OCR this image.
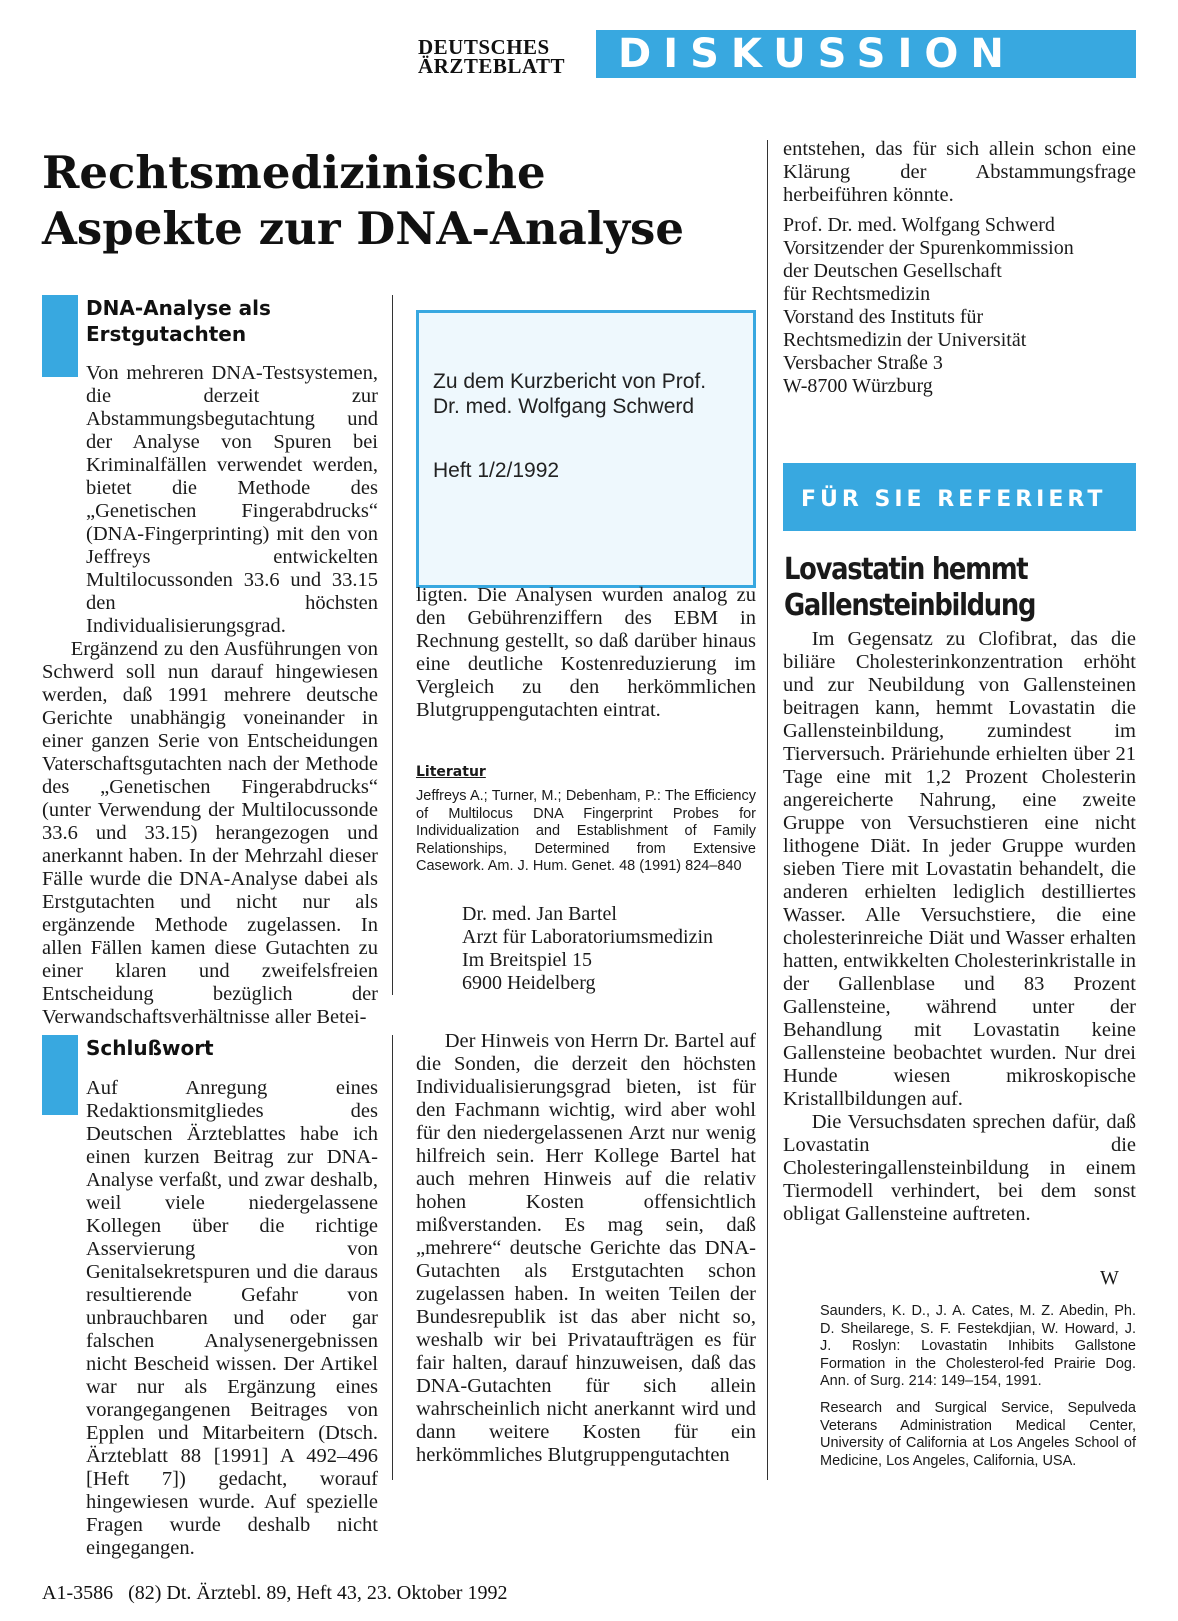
DEUTSCHES
ÄRZTEBLATT DISKUSSION
Rechtsmedizinische
Aspekte zur DNA-Analyse
DNA-Analyse als
Erstgutachten

Von mehreren DNA-Testsystemen, die derzeit zur Abstammungsbegutachtung und der Analyse von Spuren bei Kriminalfällen verwendet werden, bietet die Methode des „Genetischen Fingerabdrucks“ (DNA-Fingerprinting) mit den von Jeffreys entwickelten Multilocussonden 33.6 und 33.15 den höchsten Individualisierungsgrad.

Ergänzend zu den Ausführungen von Schwerd soll nun darauf hingewiesen werden, daß 1991 mehrere deutsche Gerichte unabhängig voneinander in einer ganzen Serie von Entscheidungen Vaterschaftsgutachten nach der Methode des „Genetischen Fingerabdrucks“ (unter Verwendung der Multilocussonde 33.6 und 33.15) herangezogen und anerkannt haben. In der Mehrzahl dieser Fälle wurde die DNA-Analyse dabei als Erstgutachten und nicht nur als ergänzende Methode zugelassen. In allen Fällen kamen diese Gutachten zu einer klaren und zweifelsfreien Entscheidung bezüglich der Verwandschaftsverhältnisse aller Betei-

Zu dem Kurzbericht von Prof.
Dr. med. Wolfgang Schwerd
Heft 1/2/1992

ligten. Die Analysen wurden analog zu den Gebührenziffern des EBM in Rechnung gestellt, so daß darüber hinaus eine deutliche Kostenreduzierung im Vergleich zu den herkömmlichen Blutgruppengutachten eintrat.

Literatur
Jeffreys A.; Turner, M.; Debenham, P.: The Efficiency of Multilocus DNA Fingerprint Probes for Individualization and Establishment of Family Relationships, Determined from Extensive Casework. Am. J. Hum. Genet. 48 (1991) 824–840
Dr. med. Jan Bartel
Arzt für Laboratoriumsmedizin
Im Breitspiel 15
6900 Heidelberg
Schlußwort

Auf Anregung eines Redaktionsmitgliedes des Deutschen Ärzteblattes habe ich einen kurzen Beitrag zur DNA-Analyse verfaßt, und zwar deshalb, weil viele niedergelassene Kollegen über die richtige Asservierung von Genitalsekretspuren und die daraus resultierende Gefahr von unbrauchbaren und oder gar falschen Analysenergebnissen nicht Bescheid wissen. Der Artikel war nur als Ergänzung eines vorangegangenen Beitrages von Epplen und Mitarbeitern (Dtsch. Ärzteblatt 88 [1991] A 492–496 [Heft 7]) gedacht, worauf hingewiesen wurde. Auf spezielle Fragen wurde deshalb nicht eingegangen.

Der Hinweis von Herrn Dr. Bartel auf die Sonden, die derzeit den höchsten Individualisierungsgrad bieten, ist für den Fachmann wichtig, wird aber wohl für den niedergelassenen Arzt nur wenig hilfreich sein. Herr Kollege Bartel hat auch mehren Hinweis auf die relativ hohen Kosten offensichtlich mißverstanden. Es mag sein, daß „mehrere“ deutsche Gerichte das DNA-Gutachten als Erstgutachten schon zugelassen haben. In weiten Teilen der Bundesrepublik ist das aber nicht so, weshalb wir bei Privataufträgen es für fair halten, darauf hinzuweisen, daß das DNA-Gutachten für sich allein wahrscheinlich nicht anerkannt wird und dann weitere Kosten für ein herkömmliches Blutgruppengutachten

entstehen, das für sich allein schon eine Klärung der Abstammungsfrage herbeiführen könnte.

Prof. Dr. med. Wolfgang Schwerd
Vorsitzender der Spurenkommission
der Deutschen Gesellschaft
für Rechtsmedizin
Vorstand des Instituts für
Rechtsmedizin der Universität
Versbacher Straße 3
W-8700 Würzburg
FÜR SIE REFERIERT
Lovastatin hemmt
Gallensteinbildung

Im Gegensatz zu Clofibrat, das die biliäre Cholesterinkonzentration erhöht und zur Neubildung von Gallensteinen beitragen kann, hemmt Lovastatin die Gallensteinbildung, zumindest im Tierversuch. Präriehunde erhielten über 21 Tage eine mit 1,2 Prozent Cholesterin angereicherte Nahrung, eine zweite Gruppe von Versuchstieren eine nicht lithogene Diät. In jeder Gruppe wurden sieben Tiere mit Lovastatin behandelt, die anderen erhielten lediglich destilliertes Wasser. Alle Versuchstiere, die eine cholesterinreiche Diät und Wasser erhalten hatten, entwikkelten Cholesterinkristalle in der Gallenblase und 83 Prozent Gallensteine, während unter der Behandlung mit Lovastatin keine Gallensteine beobachtet wurden. Nur drei Hunde wiesen mikroskopische Kristallbildungen auf.

Die Versuchsdaten sprechen dafür, daß Lovastatin die Cholesteringallensteinbildung in einem Tiermodell verhindert, bei dem sonst obligat Gallensteine auftreten.

W
Saunders, K. D., J. A. Cates, M. Z. Abedin, Ph. D. Sheilarege, S. F. Festekdjian, W. Howard, J. J. Roslyn: Lovastatin Inhibits Gallstone Formation in the Cholesterol-fed Prairie Dog. Ann. of Surg. 214: 149–154, 1991.
Research and Surgical Service, Sepulveda Veterans Administration Medical Center, University of California at Los Angeles School of Medicine, Los Angeles, California, USA.
A1-3586   (82) Dt. Ärztebl. 89, Heft 43, 23. Oktober 1992
